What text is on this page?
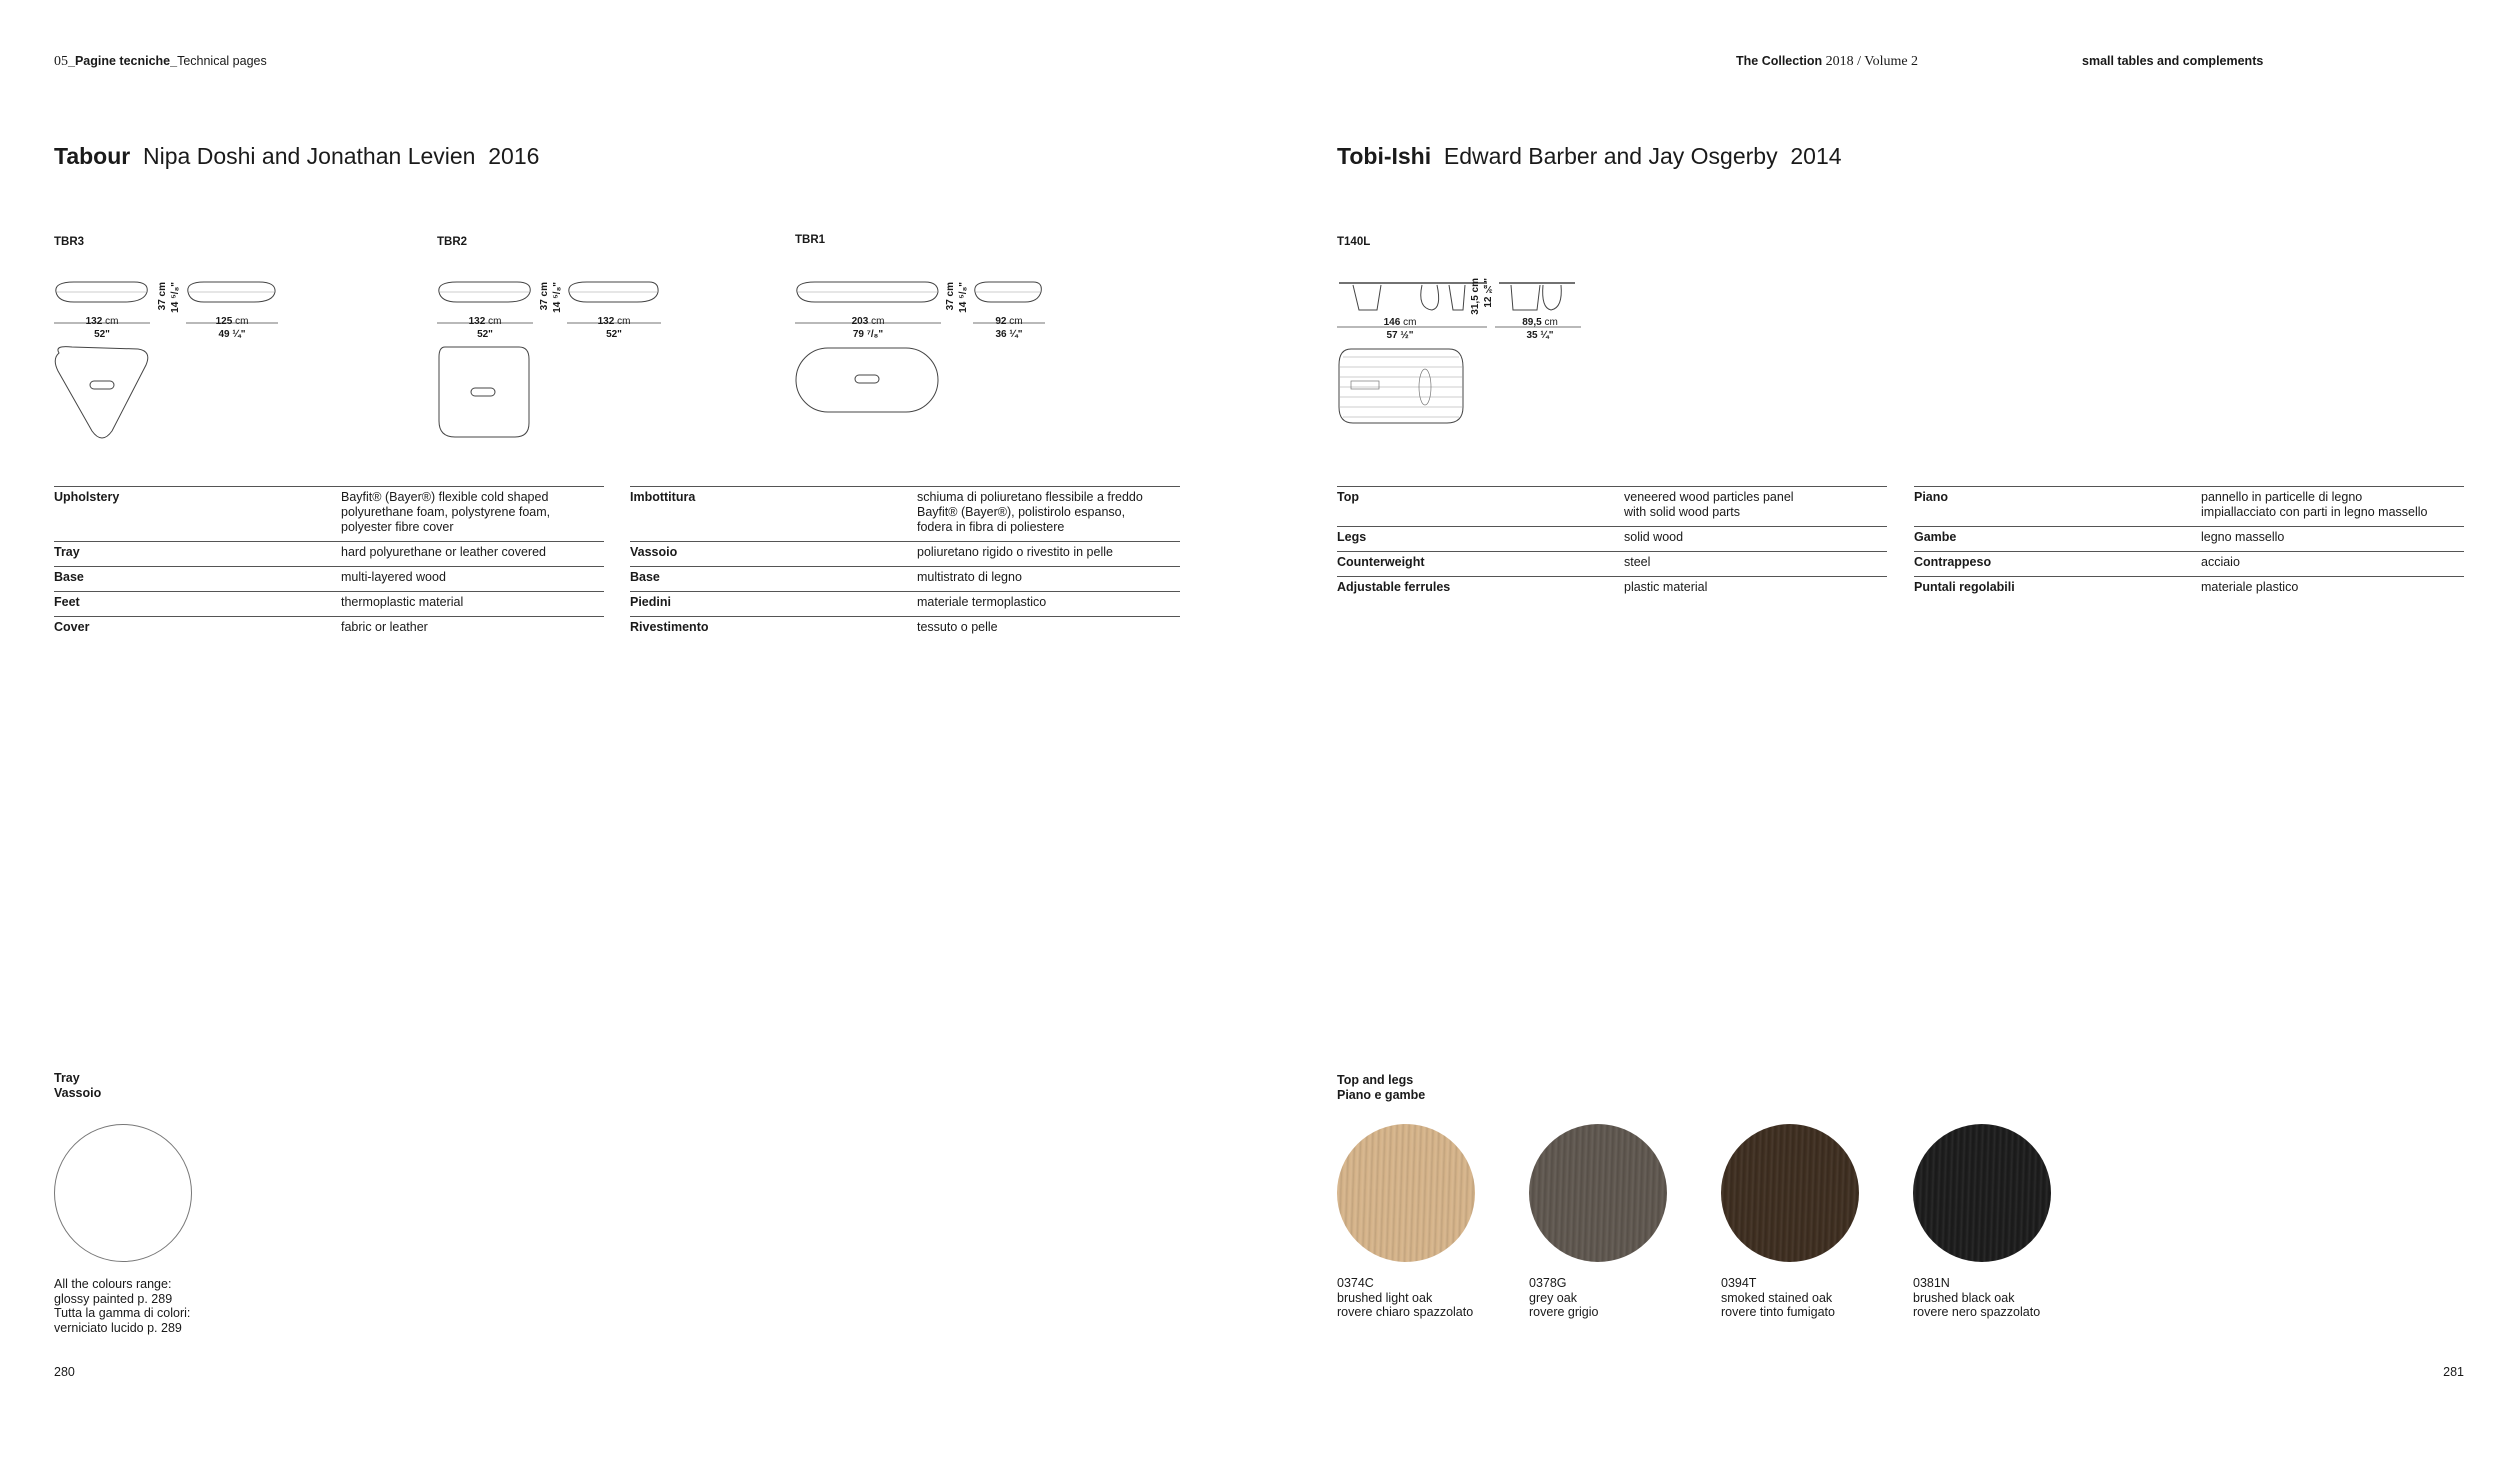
05_Pagine tecniche_Technical pages	The Collection 2018 / Volume 2	small tables and complements
Tabour Nipa Doshi and Jonathan Levien 2016
TBR3
37 cm 14 ⁵/₈"
132 cm
52"
125 cm
49 ¼"
TBR2
37 cm 14 ⁵/₈"
132 cm
52"
132 cm
52"
TBR1
37 cm 14 ⁵/₈"
203 cm
79 ⁷/₈"
92 cm
36 ¼"
Upholstery	Bayfit® (Bayer®) flexible cold shaped
polyurethane foam, polystyrene foam,
polyester fibre cover
Tray	hard polyurethane or leather covered
Base	multi-layered wood
Feet	thermoplastic material
Cover	fabric or leather
Imbottitura	schiuma di poliuretano flessibile a freddo
Bayfit® (Bayer®), polistirolo espanso,
fodera in fibra di poliestere
Vassoio	poliuretano rigido o rivestito in pelle
Base	multistrato di legno
Piedini	materiale termoplastico
Rivestimento	tessuto o pelle
Tray
Vassoio
All the colours range:
glossy painted p. 289
Tutta la gamma di colori:
verniciato lucido p. 289
280
Tobi-Ishi Edward Barber and Jay Osgerby 2014
T140L
31,5 cm 12 ⅜"
146 cm
57 ½"
89,5 cm
35 ¼"
Top	veneered wood particles panel
with solid wood parts
Legs	solid wood
Counterweight	steel
Adjustable ferrules	plastic material
Piano	pannello in particelle di legno
impiallacciato con parti in legno massello
Gambe	legno massello
Contrappeso	acciaio
Puntali regolabili	materiale plastico
Top and legs
Piano e gambe
0374C
brushed light oak
rovere chiaro spazzolato
0378G
grey oak
rovere grigio
0394T
smoked stained oak
rovere tinto fumigato
0381N
brushed black oak
rovere nero spazzolato
281
